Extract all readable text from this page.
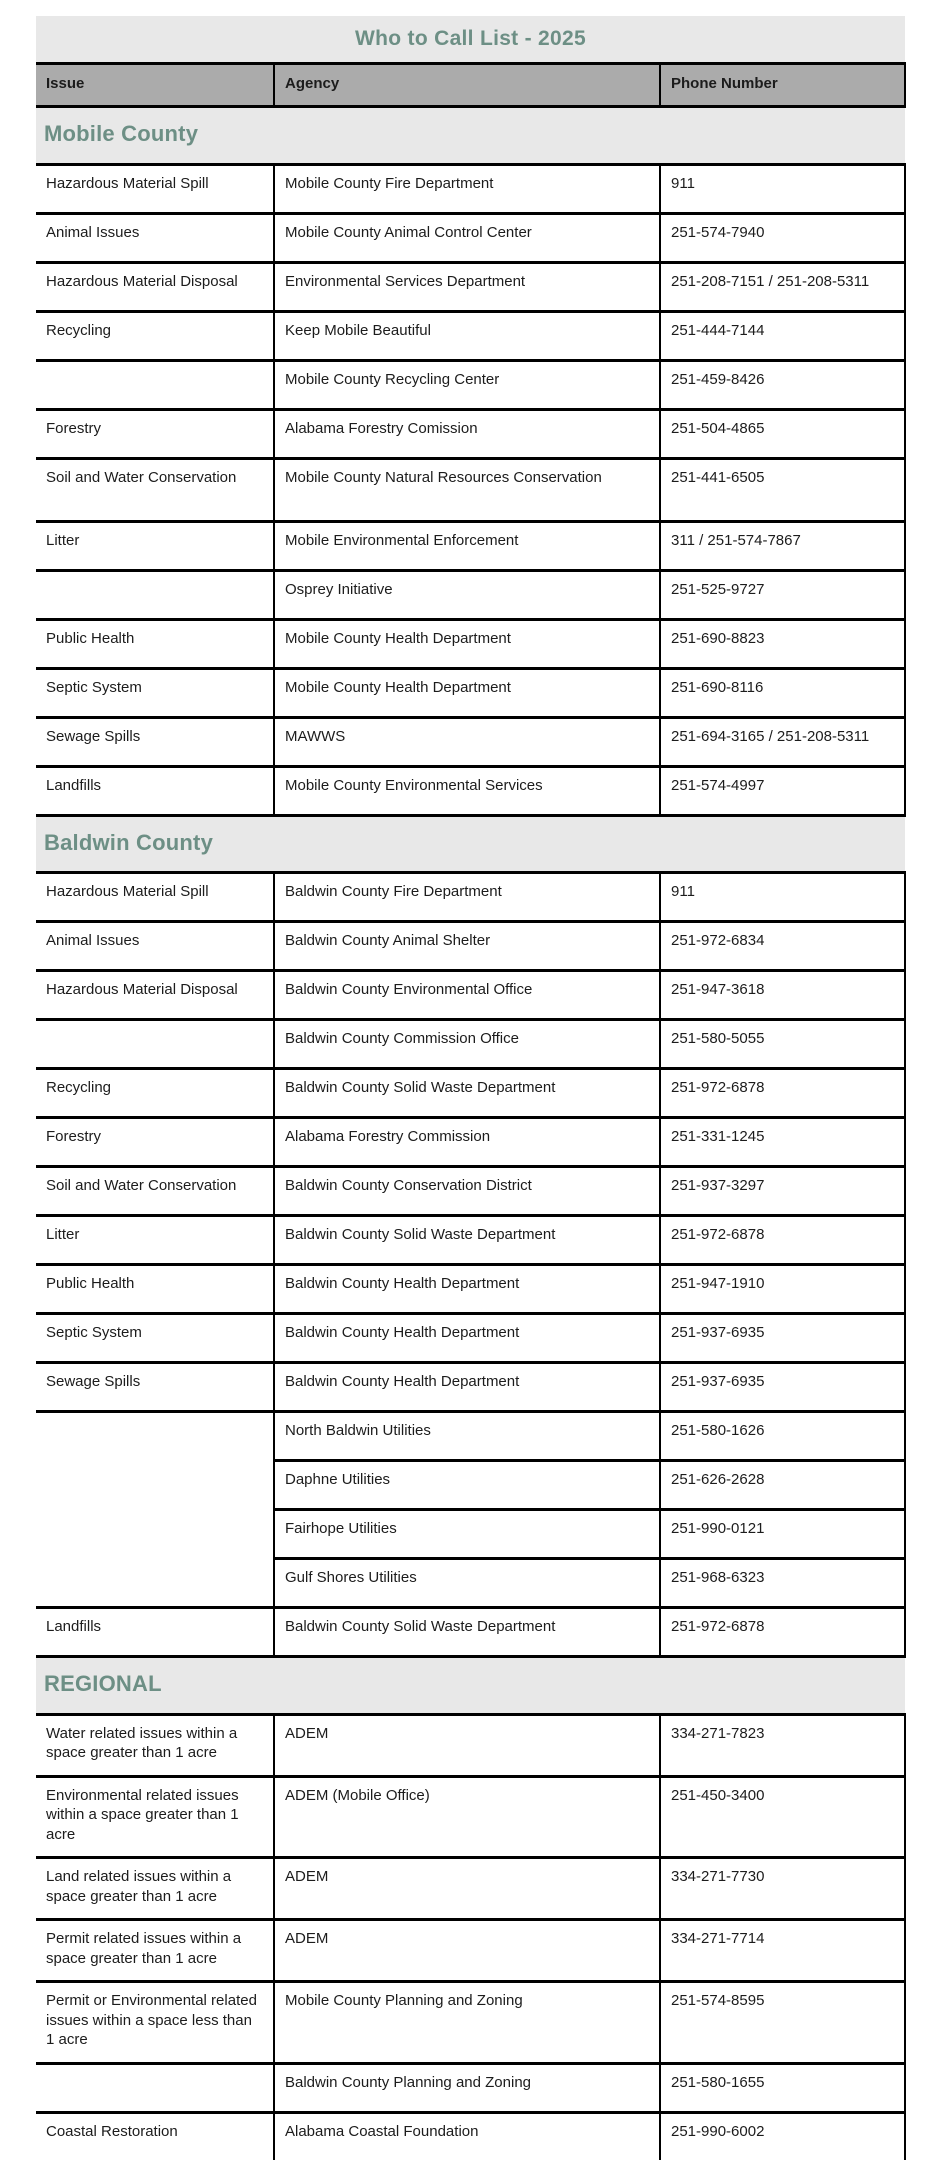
Who to Call List - 2025
Issue	Agency	Phone Number
Mobile County		
Hazardous Material Spill	Mobile County Fire Department	911
Animal Issues	Mobile County Animal Control Center	251-574-7940
Hazardous Material Disposal	Environmental Services Department	251-208-7151 / 251-208-5311
Recycling	Keep Mobile Beautiful	251-444-7144
	Mobile County Recycling Center	251-459-8426
Forestry	Alabama Forestry Comission	251-504-4865
Soil and Water Conservation	Mobile County Natural Resources Conservation	251-441-6505
Litter	Mobile Environmental Enforcement	311 / 251-574-7867
	Osprey Initiative	251-525-9727
Public Health	Mobile County Health Department	251-690-8823
Septic System	Mobile County Health Department	251-690-8116
Sewage Spills	MAWWS	251-694-3165 / 251-208-5311
Landfills	Mobile County Environmental Services	251-574-4997
Baldwin County		
Hazardous Material Spill	Baldwin County Fire Department	911
Animal Issues	Baldwin County Animal Shelter	251-972-6834
Hazardous Material Disposal	Baldwin County Environmental Office	251-947-3618
	Baldwin County Commission Office	251-580-5055
Recycling	Baldwin County Solid Waste Department	251-972-6878
Forestry	Alabama Forestry Commission	251-331-1245
Soil and Water Conservation	Baldwin County Conservation District	251-937-3297
Litter	Baldwin County Solid Waste Department	251-972-6878
Public Health	Baldwin County Health Department	251-947-1910
Septic System	Baldwin County Health Department	251-937-6935
Sewage Spills	Baldwin County Health Department	251-937-6935
	North Baldwin Utilities	251-580-1626
	Daphne Utilities	251-626-2628
	Fairhope Utilities	251-990-0121
	Gulf Shores Utilities	251-968-6323
Landfills	Baldwin County Solid Waste Department	251-972-6878
REGIONAL		
Water related issues within a space greater than 1 acre	ADEM	334-271-7823
Environmental related issues within a space greater than 1 acre	ADEM (Mobile Office)	251-450-3400
Land related issues within a space greater than 1 acre	ADEM	334-271-7730
Permit related issues within a space greater than 1 acre	ADEM	334-271-7714
Permit or Environmental related issues within a space less than 1 acre	Mobile County Planning and Zoning	251-574-8595
	Baldwin County Planning and Zoning	251-580-1655
Coastal Restoration	Alabama Coastal Foundation	251-990-6002
